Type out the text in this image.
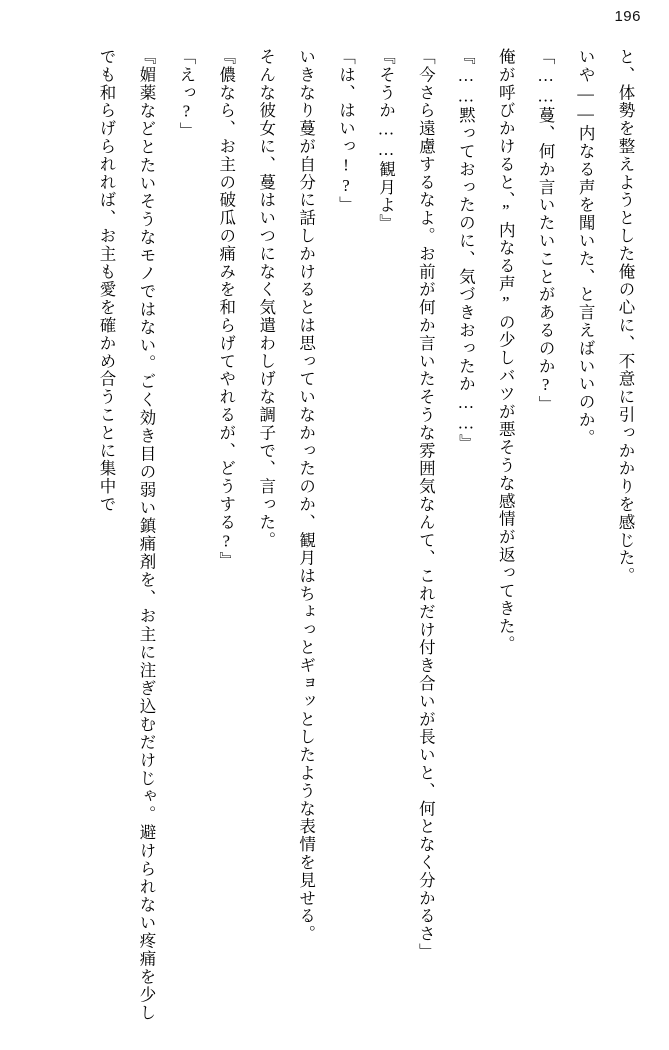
196

と、体勢を整えようとした俺の心に、不意に引っかかりを感じた。

いや——内なる声を聞いた、と言えばいいのか。

「……蔓、何か言いたいことがあるのか?」

俺が呼びかけると、”内なる声”の少しバツが悪そうな感情が返ってきた。

『……黙っておったのに、気づきおったか……』

「今さら遠慮するなよ。お前が何か言いたそうな雰囲気なんて、これだけ付き合いが長いと、何となく分かるさ」

『そうか……観月よ』

「は、はいっ!?」

いきなり蔓が自分に話しかけるとは思っていなかったのか、観月はちょっとギョッとしたような表情を見せる。

そんな彼女に、蔓はいつになく気遣わしげな調子で、言った。

『儂なら、お主の破瓜の痛みを和らげてやれるが、どうする?』

「えっ?」

『媚薬などとたいそうなモノではない。ごく効き目の弱い鎮痛剤を、お主に注ぎ込むだけじゃ。避けられない疼痛を少しでも和らげられれば、お主も愛を確かめ合うことに集中で
